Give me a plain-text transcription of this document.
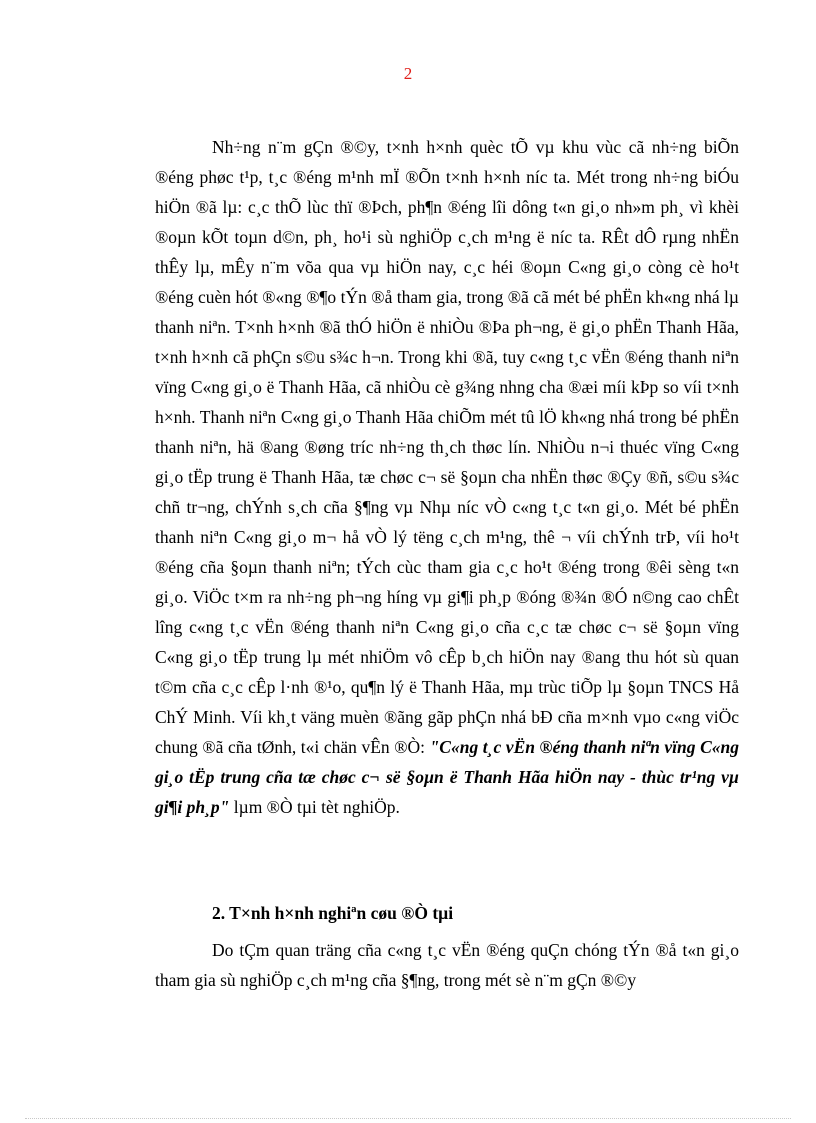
2

Nh÷ng n¨m gÇn ®©y, t×nh h×nh quèc tÕ vµ khu vùc cã nh÷ng biÕn ®éng phøc t¹p, t¸c ®éng m¹nh mÏ ®Õn t×nh h×nh níc ta. Mét trong nh÷ng biÓu hiÖn ®ã lµ: c¸c thÕ lùc thï ®Þch, ph¶n ®éng lîi dông t«n gi¸o nh»m ph¸ vì khèi ®oµn kÕt toµn d©n, ph¸ ho¹i sù nghiÖp c¸ch m¹ng ë níc ta. RÊt dÔ rµng nhËn thÊy lµ, mÊy n¨m võa qua vµ hiÖn nay, c¸c héi ®oµn C«ng gi¸o còng cè ho¹t ®éng cuèn hót ®«ng ®¶o tÝn ®å tham gia, trong ®ã cã mét bé phËn kh«ng nhá lµ thanh niªn. T×nh h×nh ®ã thÓ hiÖn ë nhiÒu ®Þa ph¬ng, ë gi¸o phËn Thanh Hãa, t×nh h×nh cã phÇn s©u s¾c h¬n. Trong khi ®ã, tuy c«ng t¸c vËn ®éng thanh niªn vïng C«ng gi¸o ë Thanh Hãa, cã nhiÒu cè g¾ng nhng cha ®æi míi kÞp so víi t×nh h×nh. Thanh niªn C«ng gi¸o Thanh Hãa chiÕm mét tû lÖ kh«ng nhá trong bé phËn thanh niªn, hä ®ang ®øng tríc nh÷ng th¸ch thøc lín. NhiÒu n¬i thuéc vïng C«ng gi¸o tËp trung ë Thanh Hãa, tæ chøc c¬ së §oµn cha nhËn thøc ®Çy ®ñ, s©u s¾c chñ tr¬ng, chÝnh s¸ch cña §¶ng vµ Nhµ níc vÒ c«ng t¸c t«n gi¸o. Mét bé phËn thanh niªn C«ng gi¸o m¬ hå vÒ lý tëng c¸ch m¹ng, thê ¬ víi chÝnh trÞ, víi ho¹t ®éng cña §oµn thanh niªn; tÝch cùc tham gia c¸c ho¹t ®éng trong ®êi sèng t«n gi¸o. ViÖc t×m ra nh÷ng ph¬ng híng vµ gi¶i ph¸p ®óng ®¾n ®Ó n©ng cao chÊt lîng c«ng t¸c vËn ®éng thanh niªn C«ng gi¸o cña c¸c tæ chøc c¬ së §oµn vïng C«ng gi¸o tËp trung lµ mét nhiÖm vô cÊp b¸ch hiÖn nay ®ang thu hót sù quan t©m cña c¸c cÊp l·nh ®¹o, qu¶n lý ë Thanh Hãa, mµ trùc tiÕp lµ §oµn TNCS Hå ChÝ Minh. Víi kh¸t väng muèn ®ãng gãp phÇn nhá bÐ cña m×nh vµo c«ng viÖc chung ®ã cña tØnh, t«i chän vÊn ®Ò: "C«ng t¸c vËn ®éng thanh niªn vïng C«ng gi¸o tËp trung cña tæ chøc c¬ së §oµn ë Thanh Hãa hiÖn nay - thùc tr¹ng vµ gi¶i ph¸p" lµm ®Ò tµi tèt nghiÖp.

2. T×nh h×nh nghiªn cøu ®Ò tµi

Do tÇm quan träng cña c«ng t¸c vËn ®éng quÇn chóng tÝn ®å t«n gi¸o tham gia sù nghiÖp c¸ch m¹ng cña §¶ng, trong mét sè n¨m gÇn ®©y
